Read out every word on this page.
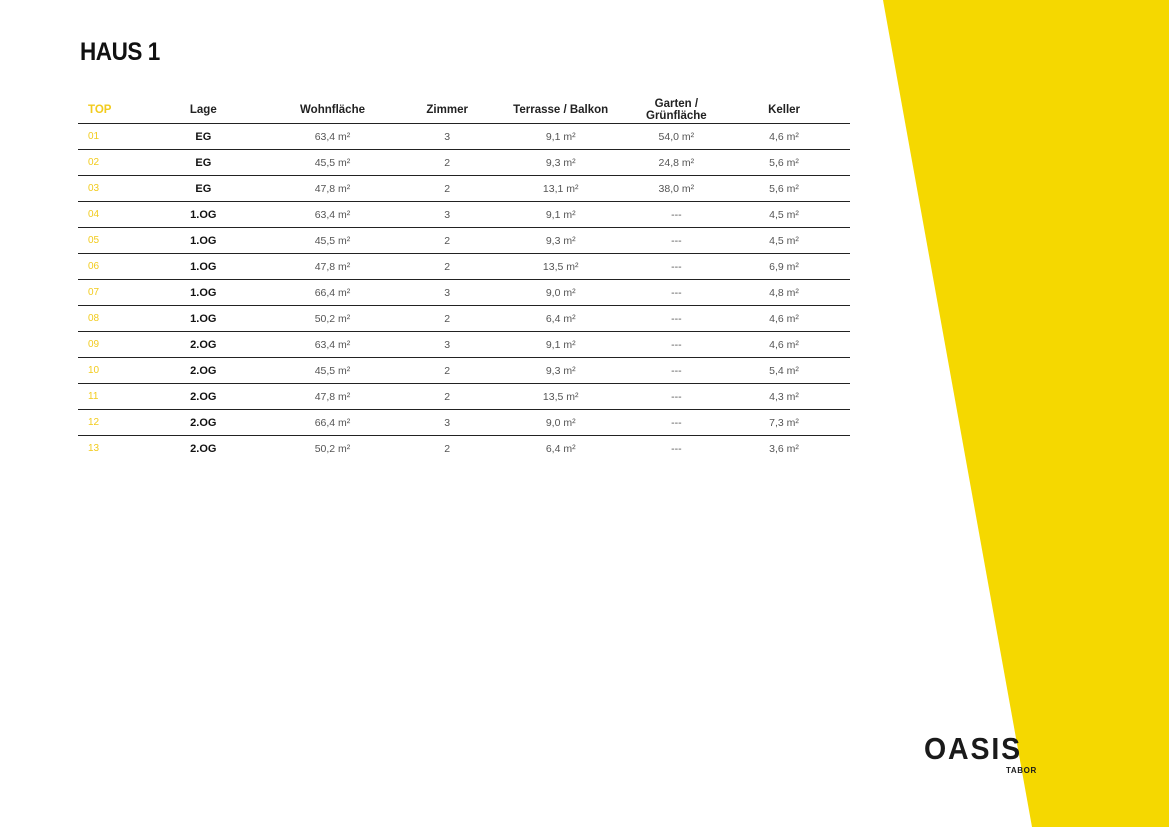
HAUS 1
TOP	Lage	Wohnfläche	Zimmer	Terrasse / Balkon	Garten / Grünfläche	Keller
01	EG	63,4 m²	3	9,1 m²	54,0 m²	4,6 m²
02	EG	45,5 m²	2	9,3 m²	24,8 m²	5,6 m²
03	EG	47,8 m²	2	13,1 m²	38,0 m²	5,6 m²
04	1.OG	63,4 m²	3	9,1 m²	---	4,5 m²
05	1.OG	45,5 m²	2	9,3 m²	---	4,5 m²
06	1.OG	47,8 m²	2	13,5 m²	---	6,9 m²
07	1.OG	66,4 m²	3	9,0 m²	---	4,8 m²
08	1.OG	50,2 m²	2	6,4 m²	---	4,6 m²
09	2.OG	63,4 m²	3	9,1 m²	---	4,6 m²
10	2.OG	45,5 m²	2	9,3 m²	---	5,4 m²
11	2.OG	47,8 m²	2	13,5 m²	---	4,3 m²
12	2.OG	66,4 m²	3	9,0 m²	---	7,3 m²
13	2.OG	50,2 m²	2	6,4 m²	---	3,6 m²
OASIS
TABOR
